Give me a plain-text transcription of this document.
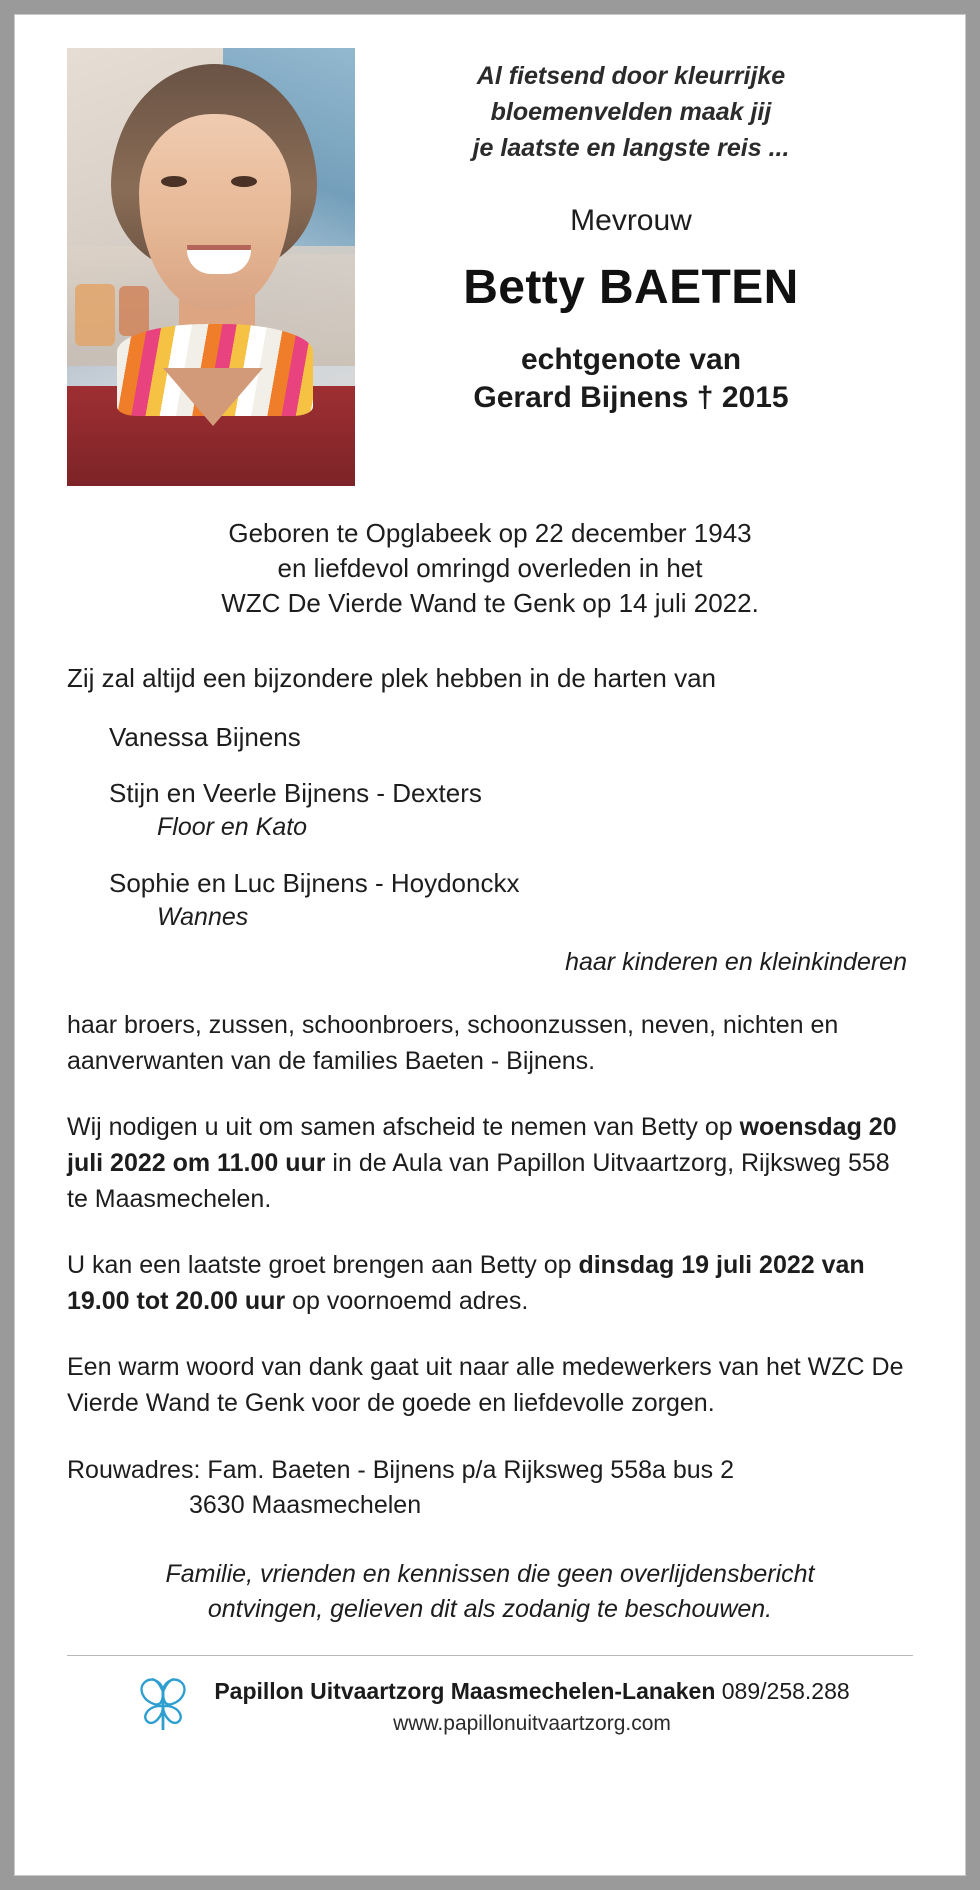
Al fietsend door kleurrijke
bloemenvelden maak jij
je laatste en langste reis ...
Mevrouw
Betty BAETEN
echtgenote van
Gerard Bijnens † 2015
Geboren te Opglabeek op 22 december 1943
en liefdevol omringd overleden in het
WZC De Vierde Wand te Genk op 14 juli 2022.
Zij zal altijd een bijzondere plek hebben in de harten van
Vanessa Bijnens
Stijn en Veerle Bijnens - Dexters
Floor en Kato
Sophie en Luc Bijnens - Hoydonckx
Wannes
haar kinderen en kleinkinderen
haar broers, zussen, schoonbroers, schoonzussen, neven, nichten en aanverwanten van de families Baeten - Bijnens.
Wij nodigen u uit om samen afscheid te nemen van Betty op woensdag 20 juli 2022 om 11.00 uur in de Aula van Papillon Uitvaartzorg, Rijksweg 558 te Maasmechelen.
U kan een laatste groet brengen aan Betty op dinsdag 19 juli 2022 van 19.00 tot 20.00 uur op voornoemd adres.
Een warm woord van dank gaat uit naar alle medewerkers van het WZC De Vierde Wand te Genk voor de goede en liefdevolle zorgen.
Rouwadres: Fam. Baeten - Bijnens p/a Rijksweg 558a bus 2
3630 Maasmechelen
Familie, vrienden en kennissen die geen overlijdensbericht
ontvingen, gelieven dit als zodanig te beschouwen.
Papillon Uitvaartzorg Maasmechelen-Lanaken 089/258.288
www.papillonuitvaartzorg.com
